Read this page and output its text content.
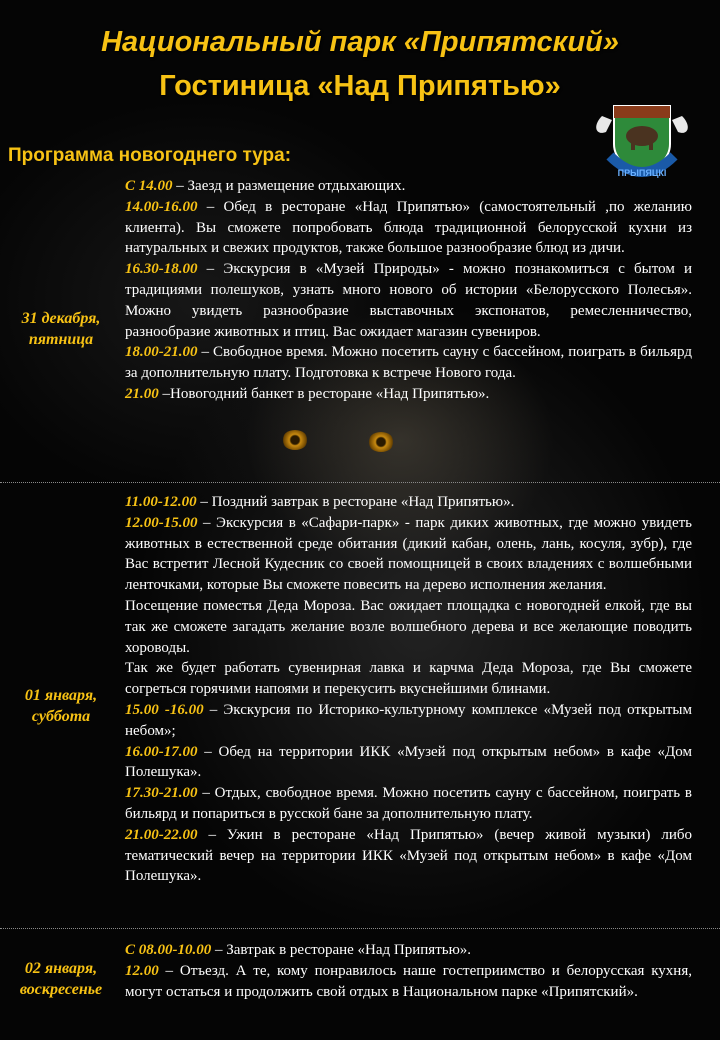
Национальный парк «Припятский»
Гостиница «Над Припятью»
Программа новогоднего тура:
ПРЫПЯЦКІ
31 декабря,
пятница

С 14.00 – Заезд и размещение отдыхающих.

14.00-16.00 – Обед в ресторане «Над Припятью» (самостоятельный ,по желанию клиента). Вы сможете попробовать блюда традиционной белорусской кухни из натуральных и свежих продуктов, также большое разнообразие блюд из дичи.

16.30-18.00 – Экскурсия в «Музей Природы» - можно познакомиться с бытом и традициями полешуков, узнать много нового об истории «Белорусского Полесья». Можно увидеть разнообразие выставочных экспонатов, ремесленничество, разнообразие животных и птиц. Вас ожидает магазин сувениров.

18.00-21.00 – Свободное время. Можно посетить сауну с бассейном, поиграть в бильярд за дополнительную плату. Подготовка к встрече Нового года.

21.00 –Новогодний банкет в ресторане «Над Припятью».

01 января,
суббота

11.00-12.00 – Поздний завтрак в ресторане «Над Припятью».

12.00-15.00 – Экскурсия в «Сафари-парк» - парк диких животных, где можно увидеть животных в естественной среде обитания (дикий кабан, олень, лань, косуля, зубр), где Вас встретит Лесной Кудесник со своей помощницей в своих владениях с волшебными ленточками, которые Вы сможете повесить на дерево исполнения желания.

Посещение поместья Деда Мороза. Вас ожидает площадка с новогодней елкой, где вы так же сможете загадать желание возле волшебного дерева и все желающие поводить хороводы.

Так же будет работать сувенирная лавка и карчма Деда Мороза, где Вы сможете согреться горячими напоями и перекусить вкуснейшими блинами.

15.00 -16.00 – Экскурсия по Историко-культурному комплексе «Музей под открытым небом»;

16.00-17.00 – Обед на территории ИКК «Музей под открытым небом» в кафе «Дом Полешука».

17.30-21.00 – Отдых, свободное время. Можно посетить сауну с бассейном, поиграть в бильярд и попариться в русской бане за дополнительную плату.

21.00-22.00 – Ужин в ресторане «Над Припятью» (вечер живой музыки) либо тематический вечер на территории ИКК «Музей под открытым небом» в кафе «Дом Полешука».

02 января,
воскресенье

С 08.00-10.00 – Завтрак в ресторане «Над Припятью».

12.00 – Отъезд. А те, кому понравилось наше гостеприимство и белорусская кухня, могут остаться и продолжить свой отдых в Национальном парке «Припятский».
